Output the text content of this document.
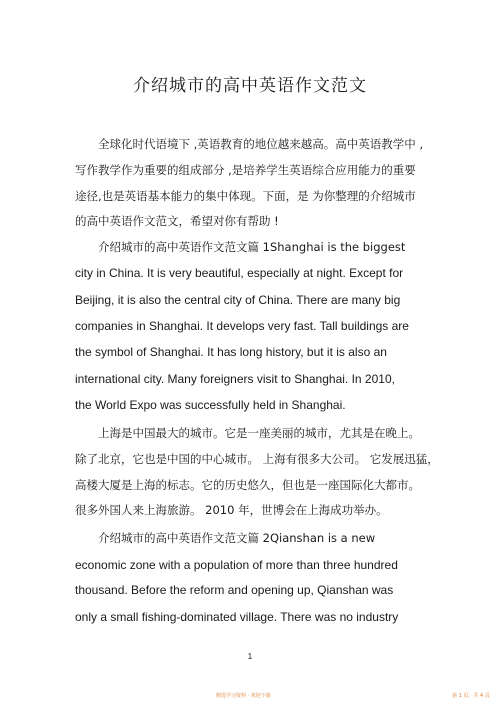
介绍城市的高中英语作文范文
全球化时代语境下 ,英语教育的地位越来越高。高中英语教学中 ,
写作教学作为重要的组成部分 ,是培养学生英语综合应用能力的重要
途径,也是英语基本能力的集中体现。下面，是 为你整理的介绍城市
的高中英语作文范文，希望对你有帮助 !
介绍城市的高中英语作文范文篇 1Shanghai is the biggest
city in China. It is very beautiful, especially at night. Except for
Beijing, it is also the central city of China. There are many big
companies in Shanghai. It develops very fast. Tall buildings are
the symbol of Shanghai. It has long history, but it is also an
international city. Many foreigners visit to Shanghai. In 2010,
the World Expo was successfully held in Shanghai.
上海是中国最大的城市。它是一座美丽的城市，尤其是在晚上。
除了北京，它也是中国的中心城市。 上海有很多大公司。 它发展迅猛，
高楼大厦是上海的标志。它的历史悠久，但也是一座国际化大都市。
很多外国人来上海旅游。 2010 年，世博会在上海成功举办。
介绍城市的高中英语作文范文篇 2Qianshan is a new
economic zone with a population of more than three hundred
thousand. Before the reform and opening up, Qianshan was
only a small fishing-dominated village. There was no industry
1
精选学习资料 · 欢迎下载	第 1 页，共 4 页
